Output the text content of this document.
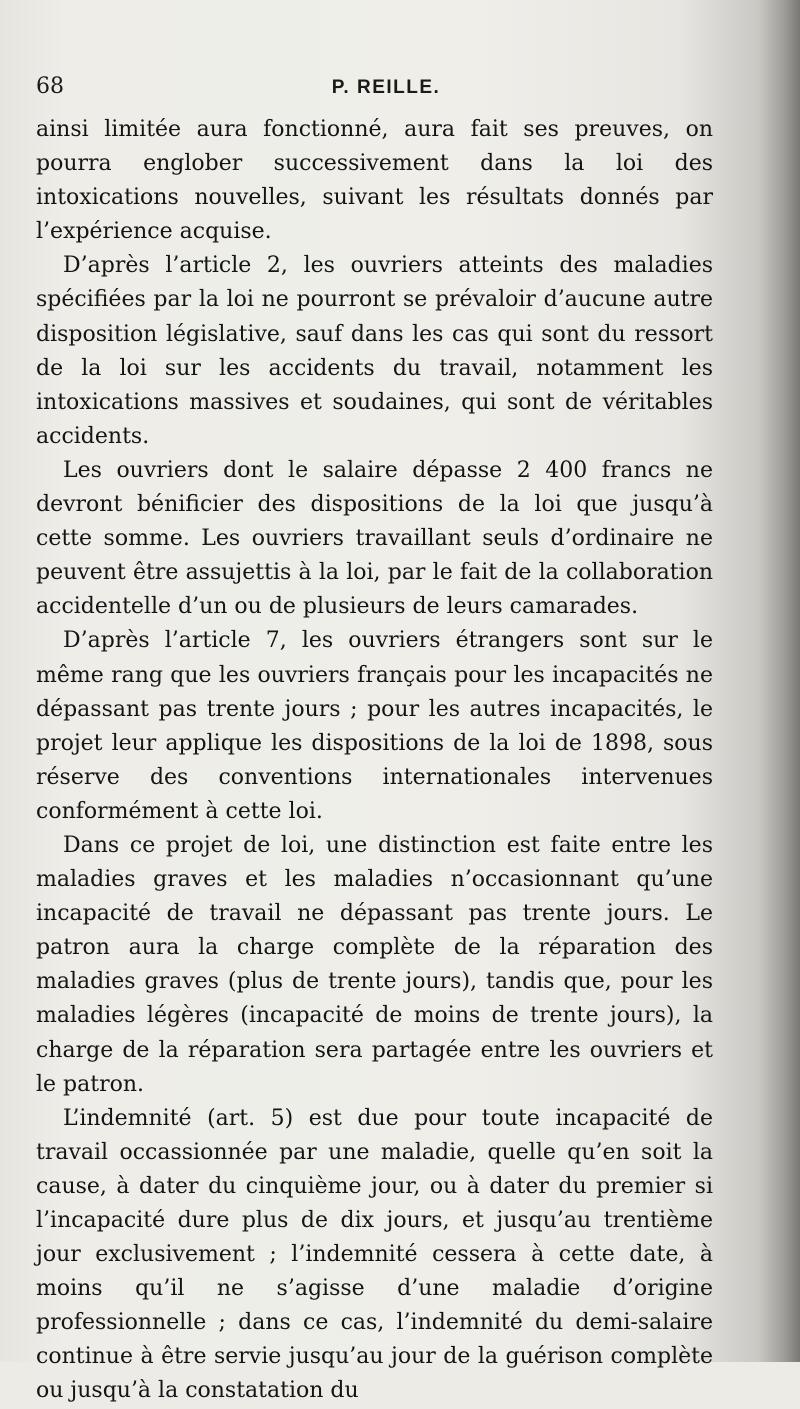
68	P. REILLE.

ainsi limitée aura fonctionné, aura fait ses preuves, on pourra englober successivement dans la loi des intoxications nouvelles, suivant les résultats donnés par l’expérience acquise.

D’après l’article 2, les ouvriers atteints des maladies spécifiées par la loi ne pourront se prévaloir d’aucune autre disposition législative, sauf dans les cas qui sont du ressort de la loi sur les accidents du travail, notamment les intoxications massives et soudaines, qui sont de véritables accidents.

Les ouvriers dont le salaire dépasse 2 400 francs ne devront bénificier des dispositions de la loi que jusqu’à cette somme. Les ouvriers travaillant seuls d’ordinaire ne peuvent être assujettis à la loi, par le fait de la collaboration accidentelle d’un ou de plusieurs de leurs camarades.

D’après l’article 7, les ouvriers étrangers sont sur le même rang que les ouvriers français pour les incapacités ne dépassant pas trente jours ; pour les autres incapacités, le projet leur applique les dispositions de la loi de 1898, sous réserve des conventions internationales intervenues conformément à cette loi.

Dans ce projet de loi, une distinction est faite entre les maladies graves et les maladies n’occasionnant qu’une incapacité de travail ne dépassant pas trente jours. Le patron aura la charge complète de la réparation des maladies graves (plus de trente jours), tandis que, pour les maladies légères (incapacité de moins de trente jours), la charge de la réparation sera partagée entre les ouvriers et le patron.

L’indemnité (art. 5) est due pour toute incapacité de travail occassionnée par une maladie, quelle qu’en soit la cause, à dater du cinquième jour, ou à dater du premier si l’incapacité dure plus de dix jours, et jusqu’au trentième jour exclusivement ; l’indemnité cessera à cette date, à moins qu’il ne s’agisse d’une maladie d’origine professionnelle ; dans ce cas, l’indemnité du demi-salaire continue à être servie jusqu’au jour de la guérison complète ou jusqu’à la constatation du
